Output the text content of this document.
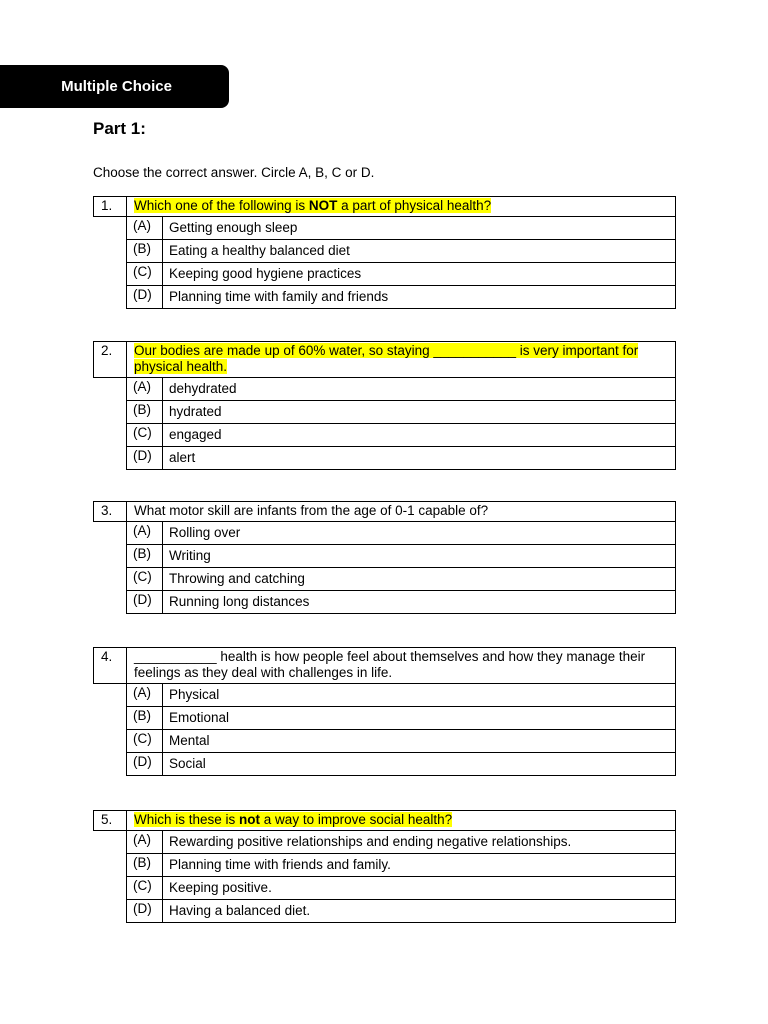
Multiple Choice
Part 1:
Choose the correct answer. Circle A, B, C or D.
1.	Which one of the following is NOT a part of physical health?
(A)	Getting enough sleep
(B)	Eating a healthy balanced diet
(C)	Keeping good hygiene practices
(D)	Planning time with family and friends
2.	Our bodies are made up of 60% water, so staying ___________ is very important for physical health.
(A)	dehydrated
(B)	hydrated
(C)	engaged
(D)	alert
3.	What motor skill are infants from the age of 0-1 capable of?
(A)	Rolling over
(B)	Writing
(C)	Throwing and catching
(D)	Running long distances
4.	___________ health is how people feel about themselves and how they manage their feelings as they deal with challenges in life.
(A)	Physical
(B)	Emotional
(C)	Mental
(D)	Social
5.	Which is these is not a way to improve social health?
(A)	Rewarding positive relationships and ending negative relationships.
(B)	Planning time with friends and family.
(C)	Keeping positive.
(D)	Having a balanced diet.
